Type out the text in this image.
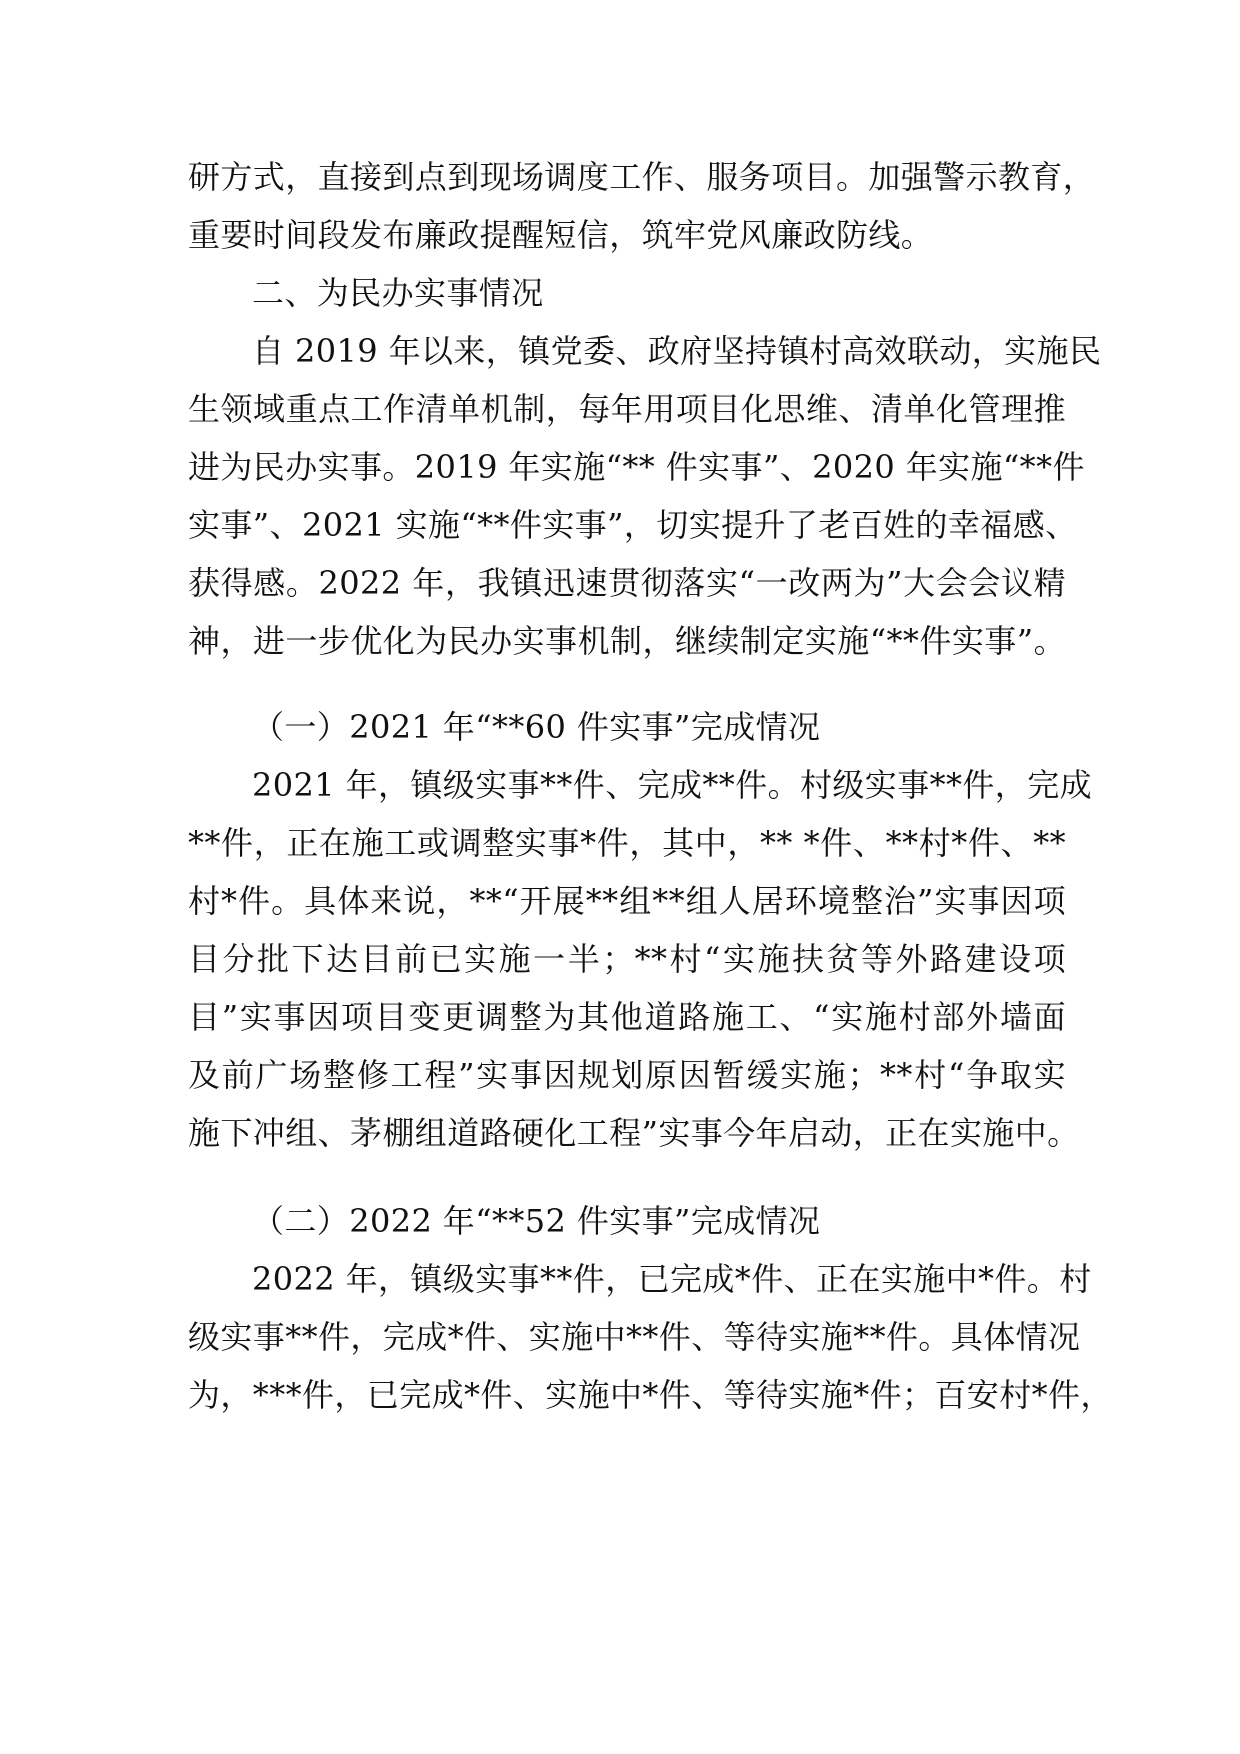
研方式，直接到点到现场调度工作、服务项目。加强警示教育，

重要时间段发布廉政提醒短信，筑牢党风廉政防线。

二、为民办实事情况

自 2019 年以来，镇党委、政府坚持镇村高效联动，实施民

生领域重点工作清单机制，每年用项目化思维、清单化管理推

进为民办实事。2019 年实施“** 件实事”、2020 年实施“**件

实事”、2021 实施“**件实事”，切实提升了老百姓的幸福感、

获得感。2022 年，我镇迅速贯彻落实“一改两为”大会会议精

神，进一步优化为民办实事机制，继续制定实施“**件实事”。

（一）2021 年“**60 件实事”完成情况

2021 年，镇级实事**件、完成**件。村级实事**件，完成

**件，正在施工或调整实事*件，其中，** *件、**村*件、**

村*件。具体来说，**“开展**组**组人居环境整治”实事因项

目分批下达目前已实施一半；**村“实施扶贫等外路建设项

目”实事因项目变更调整为其他道路施工、“实施村部外墙面

及前广场整修工程”实事因规划原因暂缓实施；**村“争取实

施下冲组、茅棚组道路硬化工程”实事今年启动，正在实施中。

（二）2022 年“**52 件实事”完成情况

2022 年，镇级实事**件，已完成*件、正在实施中*件。村

级实事**件，完成*件、实施中**件、等待实施**件。具体情况

为，***件，已完成*件、实施中*件、等待实施*件；百安村*件，
